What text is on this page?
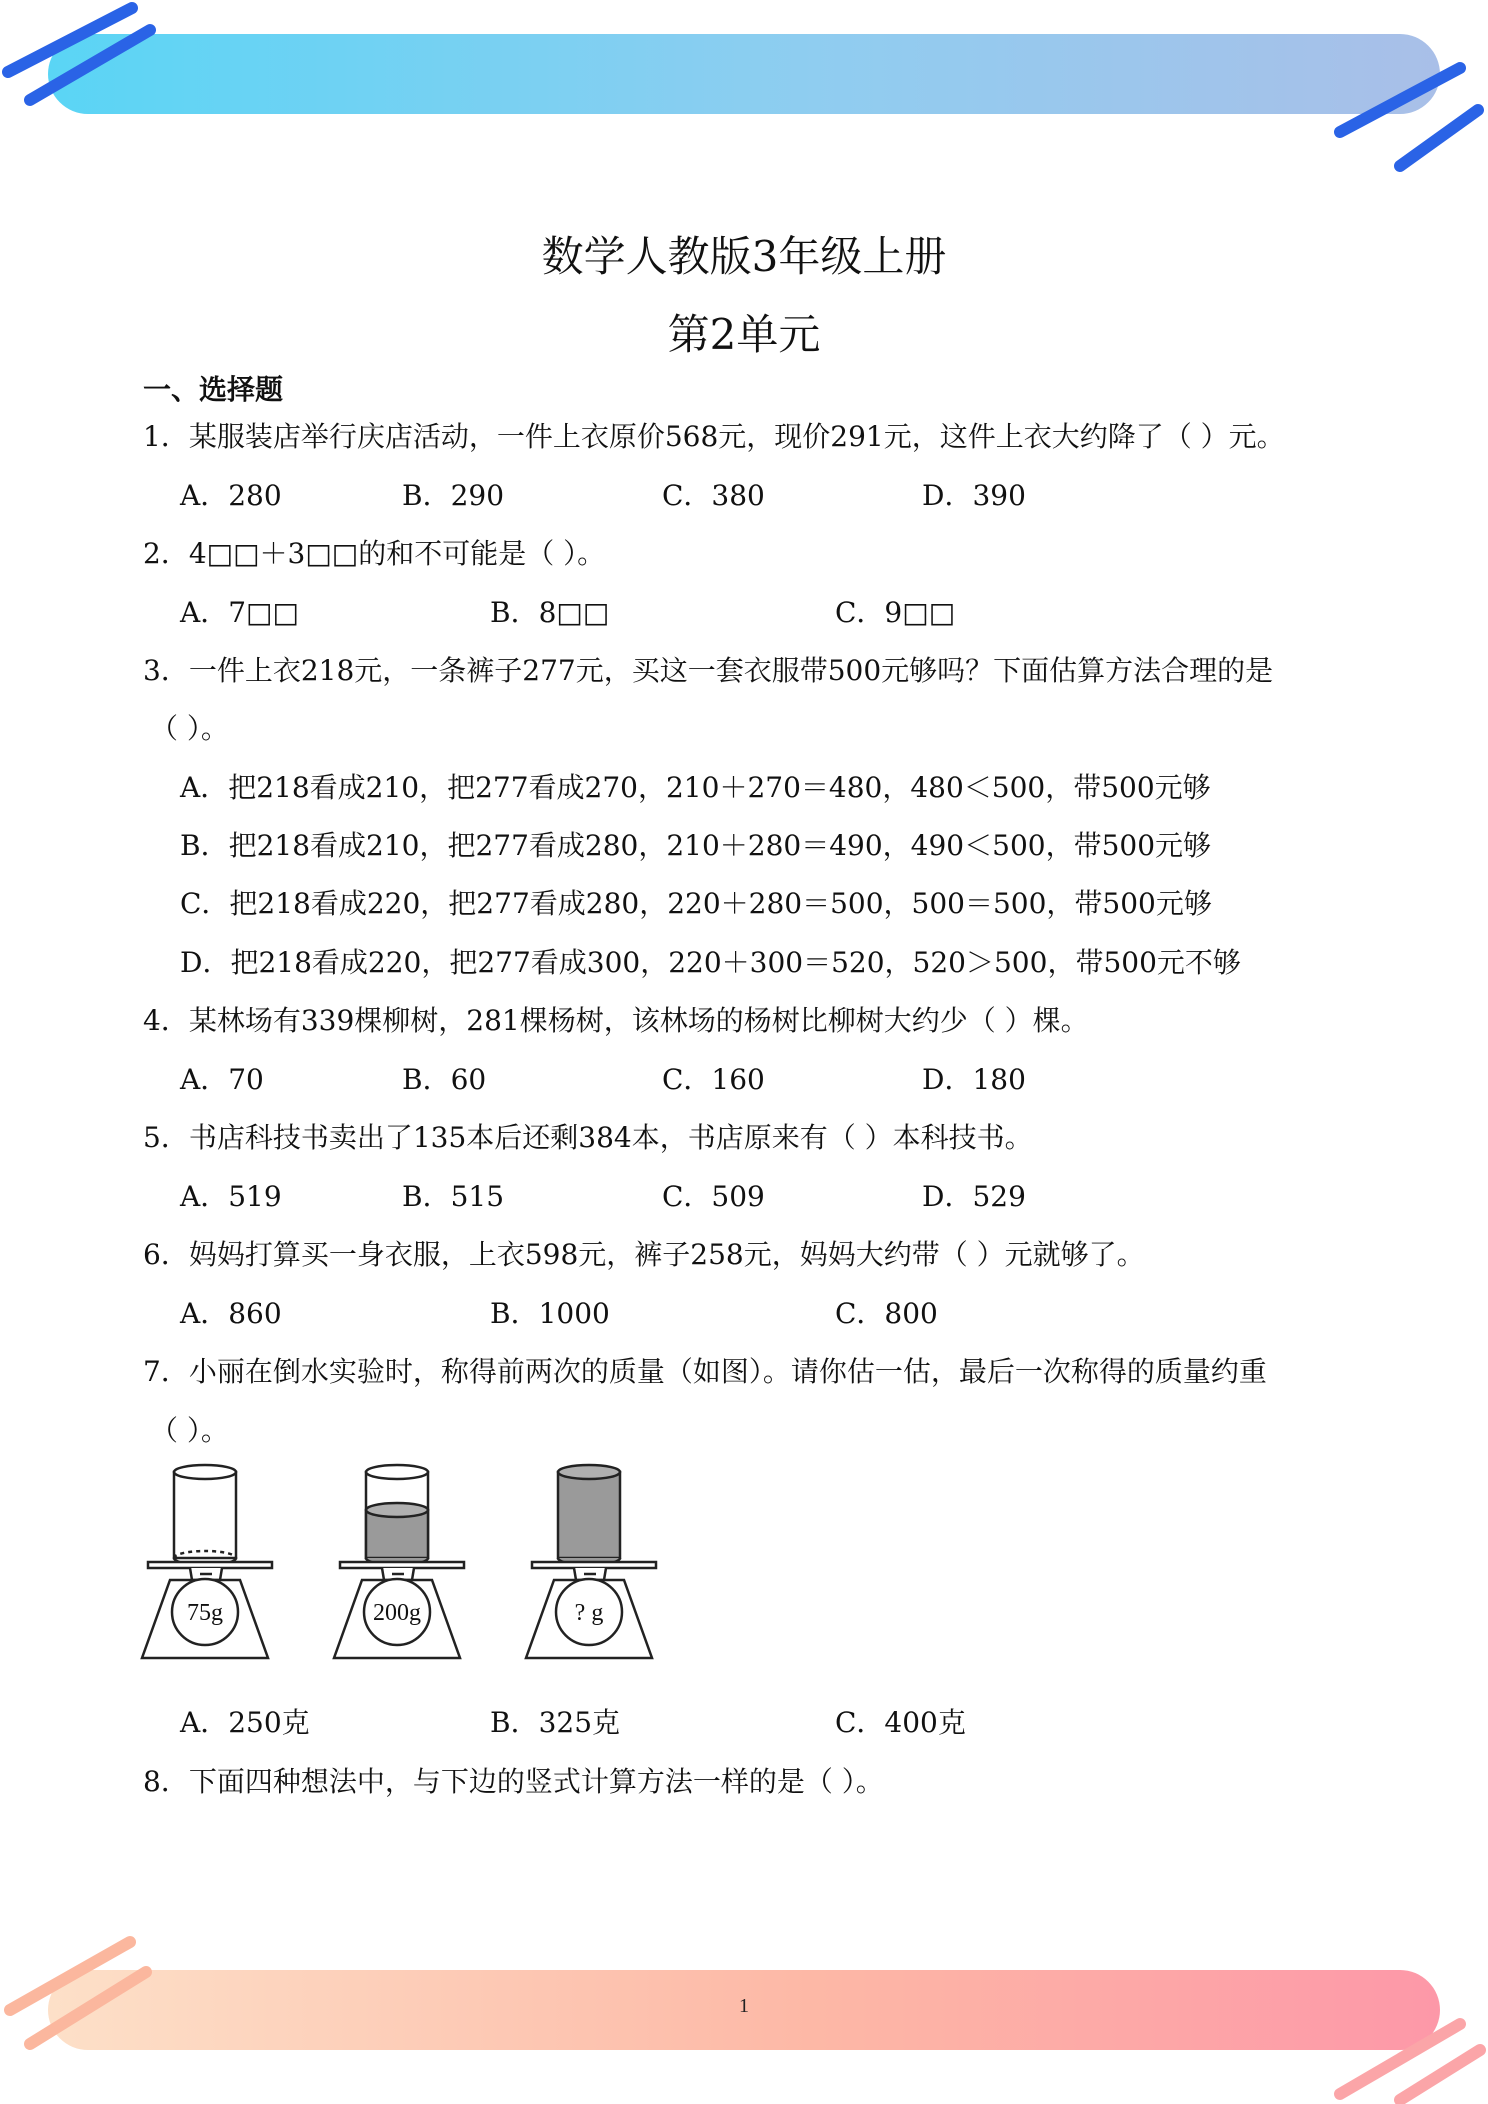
1
数学人教版3年级上册
第2单元
一、选择题
1．某服装店举行庆店活动，一件上衣原价568元，现价291元，这件上衣大约降了（ ）元。
A．280	B．290	C．380	D．390
2．4□□＋3□□的和不可能是（ ）。
A．7□□	B．8□□	C．9□□
3．一件上衣218元，一条裤子277元，买这一套衣服带500元够吗？下面估算方法合理的是
（ ）。
A．把218看成210，把277看成270，210＋270＝480，480＜500，带500元够
B．把218看成210，把277看成280，210＋280＝490，490＜500，带500元够
C．把218看成220，把277看成280，220＋280＝500，500＝500，带500元够
D．把218看成220，把277看成300，220＋300＝520，520＞500，带500元不够
4．某林场有339棵柳树，281棵杨树，该林场的杨树比柳树大约少（ ）棵。
A．70	B．60	C．160	D．180
5．书店科技书卖出了135本后还剩384本，书店原来有（ ）本科技书。
A．519	B．515	C．509	D．529
6．妈妈打算买一身衣服，上衣598元，裤子258元，妈妈大约带（ ）元就够了。
A．860	B．1000	C．800
7．小丽在倒水实验时，称得前两次的质量（如图）。请你估一估，最后一次称得的质量约重
（ ）。
75g	200g	? g
A．250克	B．325克	C．400克
8．下面四种想法中，与下边的竖式计算方法一样的是（ ）。
